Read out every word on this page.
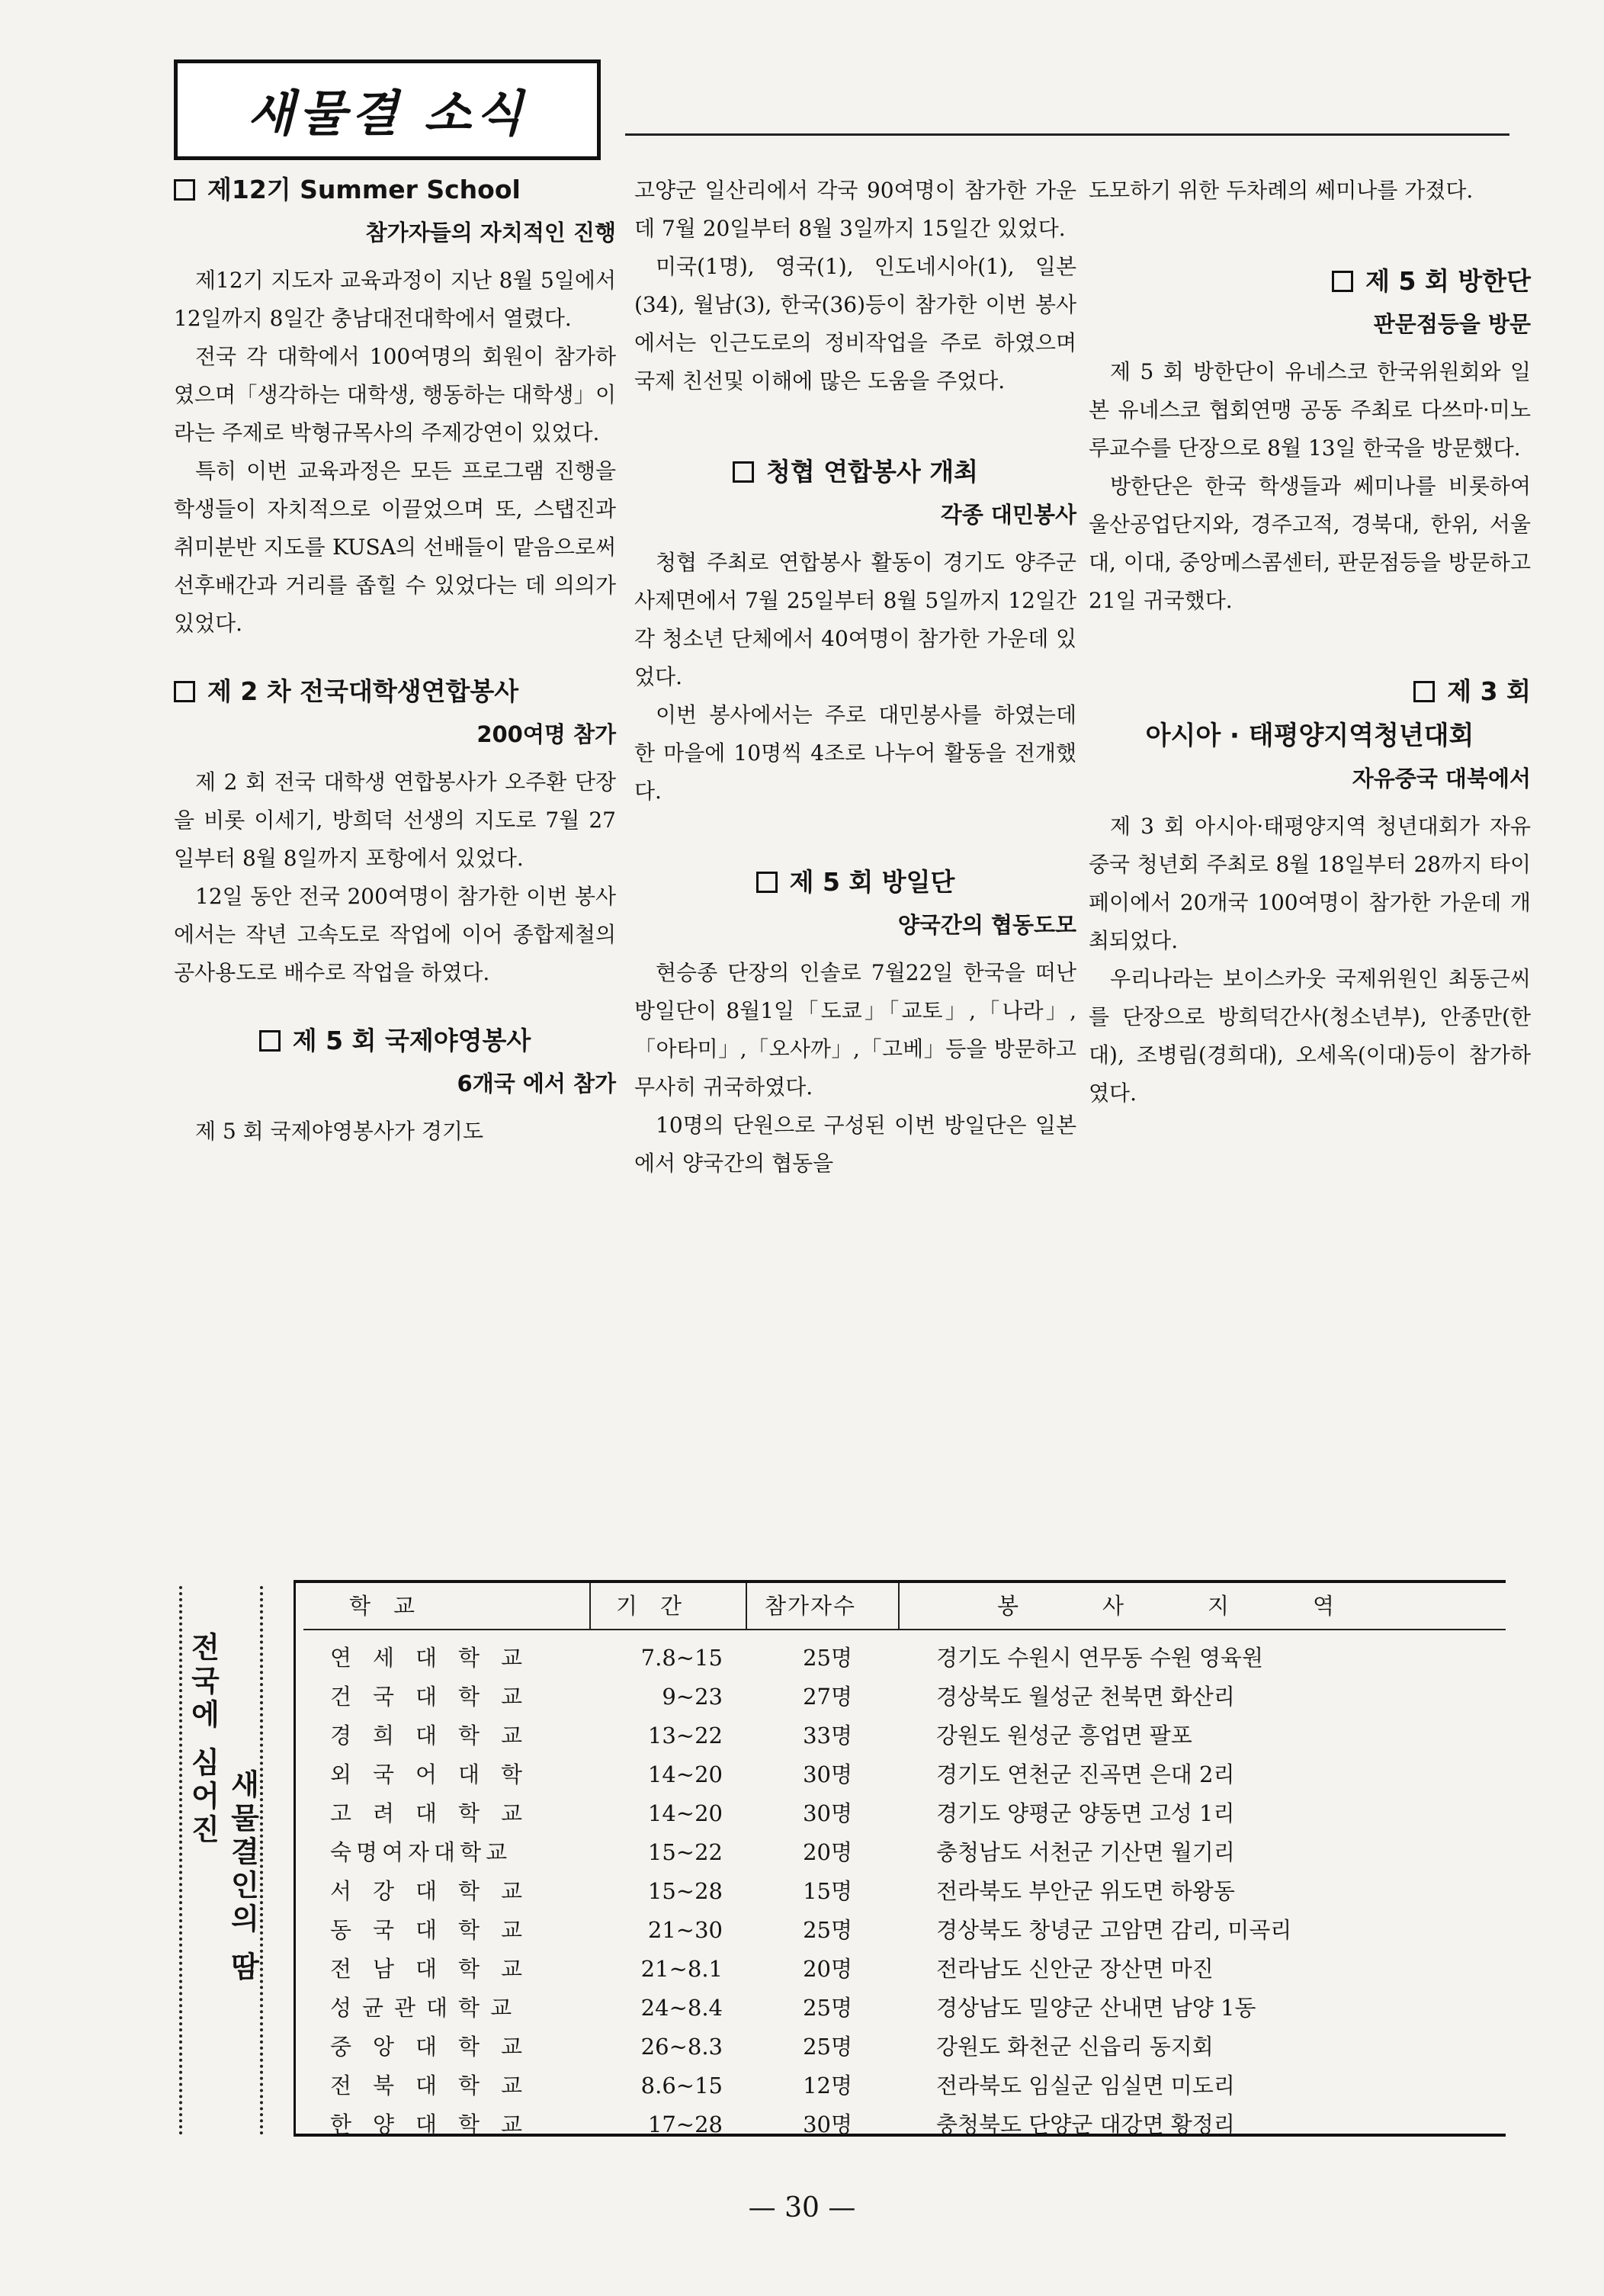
새물결 소식
제12기 Summer School
참가자들의 자치적인 진행

제12기 지도자 교육과정이 지난 8월 5일에서 12일까지 8일간 충남대전대학에서 열렸다.

전국 각 대학에서 100여명의 회원이 참가하였으며「생각하는 대학생, 행동하는 대학생」이라는 주제로 박형규목사의 주제강연이 있었다.

특히 이번 교육과정은 모든 프로그램 진행을 학생들이 자치적으로 이끌었으며 또, 스탭진과 취미분반 지도를 KUSA의 선배들이 맡음으로써 선후배간과 거리를 좁힐 수 있었다는 데 의의가 있었다.

제 2 차 전국대학생연합봉사
200여명 참가

제 2 회 전국 대학생 연합봉사가 오주환 단장을 비롯 이세기, 방희덕 선생의 지도로 7월 27일부터 8월 8일까지 포항에서 있었다.

12일 동안 전국 200여명이 참가한 이번 봉사에서는 작년 고속도로 작업에 이어 종합제철의 공사용도로 배수로 작업을 하였다.

제 5 회 국제야영봉사
6개국 에서 참가

제 5 회 국제야영봉사가 경기도

고양군 일산리에서 각국 90여명이 참가한 가운데 7월 20일부터 8월 3일까지 15일간 있었다.

미국(1명), 영국(1), 인도네시아(1), 일본(34), 월남(3), 한국(36)등이 참가한 이번 봉사에서는 인근도로의 정비작업을 주로 하였으며 국제 친선및 이해에 많은 도움을 주었다.

청협 연합봉사 개최
각종 대민봉사

청협 주최로 연합봉사 활동이 경기도 양주군 사제면에서 7월 25일부터 8월 5일까지 12일간 각 청소년 단체에서 40여명이 참가한 가운데 있었다.

이번 봉사에서는 주로 대민봉사를 하였는데 한 마을에 10명씩 4조로 나누어 활동을 전개했다.

제 5 회 방일단
양국간의 협동도모

현승종 단장의 인솔로 7월22일 한국을 떠난 방일단이 8월1일「도쿄」「교토」,「나라」,「아타미」,「오사까」,「고베」등을 방문하고 무사히 귀국하였다.

10명의 단원으로 구성된 이번 방일단은 일본에서 양국간의 협동을

도모하기 위한 두차례의 쎄미나를 가졌다.

제 5 회 방한단
판문점등을 방문

제 5 회 방한단이 유네스코 한국위원회와 일본 유네스코 협회연맹 공동 주최로 다쓰마·미노루교수를 단장으로 8월 13일 한국을 방문했다.

방한단은 한국 학생들과 쎄미나를 비롯하여 울산공업단지와, 경주고적, 경북대, 한위, 서울대, 이대, 중앙메스콤센터, 판문점등을 방문하고 21일 귀국했다.

제 3 회
아시아 · 태평양지역청년대회
자유중국 대북에서

제 3 회 아시아·태평양지역 청년대회가 자유중국 청년회 주최로 8월 18일부터 28까지 타이페이에서 20개국 100여명이 참가한 가운데 개최되었다.

우리나라는 보이스카웃 국제위원인 최동근씨를 단장으로 방희덕간사(청소년부), 안종만(한대), 조병림(경희대), 오세옥(이대)등이 참가하였다.

전국에 심어진
새물결인의 땀
학교	기간	참가자수	봉사지역
연세대학교	7.8~15	25명	경기도 수원시 연무동 수원 영육원
건국대학교	9~23	27명	경상북도 월성군 천북면 화산리
경희대학교	13~22	33명	강원도 원성군 흥업면 팔포
외국어대학	14~20	30명	경기도 연천군 진곡면 은대 2리
고려대학교	14~20	30명	경기도 양평군 양동면 고성 1리
숙명여자대학교	15~22	20명	충청남도 서천군 기산면 월기리
서강대학교	15~28	15명	전라북도 부안군 위도면 하왕동
동국대학교	21~30	25명	경상북도 창녕군 고암면 감리, 미곡리
전남대학교	21~8.1	20명	전라남도 신안군 장산면 마진
성균관대학교	24~8.4	25명	경상남도 밀양군 산내면 남양 1동
중앙대학교	26~8.3	25명	강원도 화천군 신읍리 동지회
전북대학교	8.6~15	12명	전라북도 임실군 임실면 미도리
한양대학교	17~28	30명	충청북도 단양군 대강면 황정리
— 30 —
